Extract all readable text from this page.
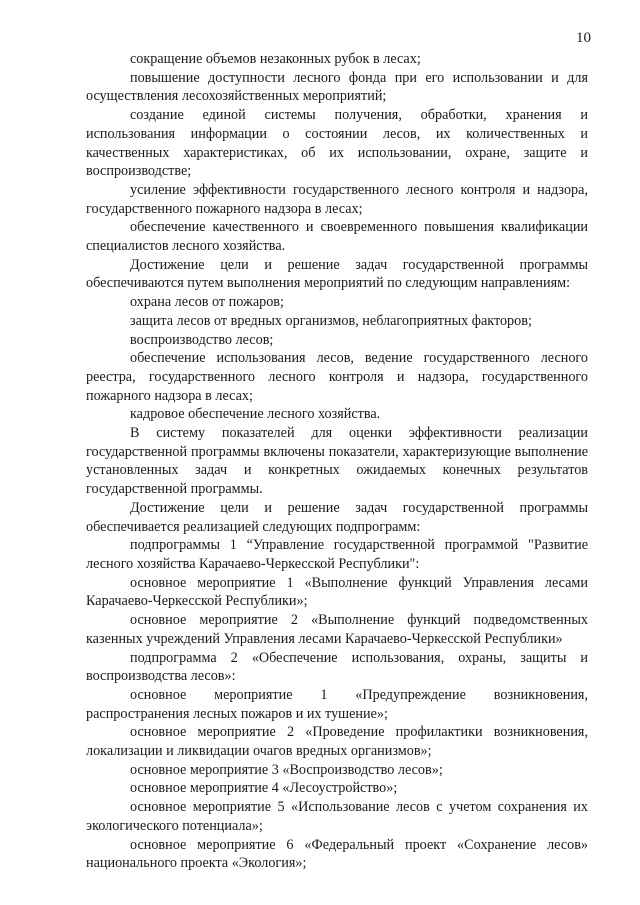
10

сокращение объемов незаконных рубок в лесах;

повышение доступности лесного фонда при его использовании и для осуществления лесохозяйственных мероприятий;

создание единой системы получения, обработки, хранения и использования информации о состоянии лесов, их количественных и качественных характеристиках, об их использовании, охране, защите и воспроизводстве;

усиление эффективности государственного лесного контроля и надзора, государственного пожарного надзора в лесах;

обеспечение качественного и своевременного повышения квалификации специалистов лесного хозяйства.

Достижение цели и решение задач государственной программы обеспечиваются путем выполнения мероприятий по следующим направлениям:

охрана лесов от пожаров;

защита лесов от вредных организмов, неблагоприятных факторов;

воспроизводство лесов;

обеспечение использования лесов, ведение государственного лесного реестра, государственного лесного контроля и надзора, государственного пожарного надзора в лесах;

кадровое обеспечение лесного хозяйства.

В систему показателей для оценки эффективности реализации государственной программы включены показатели, характеризующие выполнение установленных задач и конкретных ожидаемых конечных результатов государственной программы.

Достижение цели и решение задач государственной программы обеспечивается реализацией следующих подпрограмм:

подпрограммы 1 “Управление государственной программой "Развитие лесного хозяйства Карачаево-Черкесской Республики":

основное мероприятие 1 «Выполнение функций Управления лесами Карачаево-Черкесской Республики»;

основное мероприятие 2 «Выполнение функций подведомственных казенных учреждений Управления лесами Карачаево-Черкесской Республики»

подпрограмма 2 «Обеспечение использования, охраны, защиты и воспроизводства лесов»:

основное мероприятие 1 «Предупреждение возникновения, распространения лесных пожаров и их тушение»;

основное мероприятие 2 «Проведение профилактики возникновения, локализации и ликвидации очагов вредных организмов»;

основное мероприятие 3 «Воспроизводство лесов»;

основное мероприятие 4 «Лесоустройство»;

основное мероприятие 5 «Использование лесов с учетом сохранения их экологического потенциала»;

основное мероприятие 6 «Федеральный проект «Сохранение лесов» национального проекта «Экология»;
